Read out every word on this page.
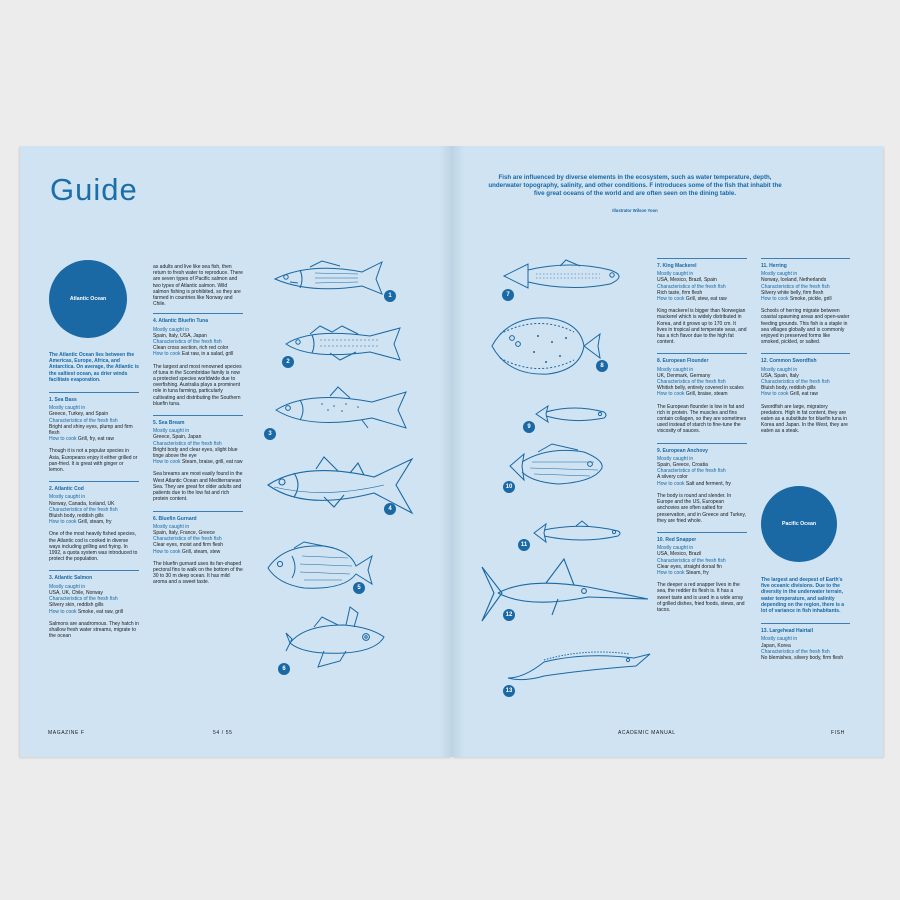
Guide
Atlantic Ocean
The Atlantic Ocean lies between the Americas, Europe, Africa, and Antarctica. On average, the Atlantic is the saltiest ocean, as drier winds facilitate evaporation.
1. Sea Bass
Mostly caught in
Greece, Turkey, and Spain
Characteristics of the fresh fish
Bright and shiny eyes, plump and firm flesh
How to cook Grill, fry, eat raw
Though it is not a popular species in Asia, Europeans enjoy it either grilled or pan-fried. It is great with ginger or lemon.
2. Atlantic Cod
Mostly caught in
Norway, Canada, Iceland, UK
Characteristics of the fresh fish
Bluish body, reddish gills
How to cook Grill, steam, fry
One of the most heavily fished species, the Atlantic cod is cooked in diverse ways including grilling and frying. In 1992, a quota system was introduced to protect the population.
3. Atlantic Salmon
Mostly caught in
USA, UK, Chile, Norway
Characteristics of the fresh fish
Silvery skin, reddish gills
How to cook Smoke, eat raw, grill
Salmons are anadromous. They hatch in shallow fresh water streams, migrate to the ocean
as adults and live like sea fish, then return to fresh water to reproduce. There are seven types of Pacific salmon and two types of Atlantic salmon. Wild salmon fishing is prohibited, so they are farmed in countries like Norway and Chile.
4. Atlantic Bluefin Tuna
Mostly caught in
Spain, Italy, USA, Japan
Characteristics of the fresh fish
Clean cross section, rich red color
How to cook Eat raw, in a salad, grill
The largest and most renowned species of tuna in the Scombridae family is now a protected species worldwide due to overfishing. Australia plays a prominent role in tuna farming, particularly cultivating and distributing the Southern bluefin tuna.
5. Sea Bream
Mostly caught in
Greece, Spain, Japan
Characteristics of the fresh fish
Bright body and clear eyes, slight blue tinge above the eye
How to cook Steam, braise, grill, eat raw
Sea breams are most easily found in the West Atlantic Ocean and Mediterranean Sea. They are great for older adults and patients due to the low fat and rich protein content.
6. Bluefin Gurnard
Mostly caught in
Spain, Italy, France, Greece
Characteristics of the fresh fish
Clear eyes, moist and firm flesh
How to cook Grill, steam, stew
The bluefin gurnard uses its fan-shaped pectoral fins to walk on the bottom of the 30 to 30 m deep ocean. It has mild aroma and a sweet taste.
MAGAZINE F	54 / 55
1
2
3
4
5
6
Fish are influenced by diverse elements in the ecosystem, such as water temperature, depth, underwater topography, salinity, and other conditions. F introduces some of the fish that inhabit the five great oceans of the world and are often seen on the dining table.
Illustrator Wilson Yoon
7. King Mackerel
Mostly caught in
USA, Mexico, Brazil, Spain
Characteristics of the fresh fish
Rich taste, firm flesh
How to cook Grill, stew, eat raw
King mackerel is bigger than Norwegian mackerel which is widely distributed in Korea, and it grows up to 170 cm. It lives in tropical and temperate seas, and has a rich flavor due to the high fat content.
8. European Flounder
Mostly caught in
UK, Denmark, Germany
Characteristics of the fresh fish
Whitish belly, entirely covered in scales
How to cook Grill, braise, steam
The European flounder is low in fat and rich in protein. The muscles and fins contain collagen, so they are sometimes used instead of starch to fine-tune the viscosity of sauces.
9. European Anchovy
Mostly caught in
Spain, Greece, Croatia
Characteristics of the fresh fish
A silvery color
How to cook Salt and ferment, fry
The body is round and slender. In Europe and the US, European anchovies are often salted for preservation, and in Greece and Turkey, they are fried whole.
10. Red Snapper
Mostly caught in
USA, Mexico, Brazil
Characteristics of the fresh fish
Clear eyes, straight dorsal fin
How to cook Steam, fry
The deeper a red snapper lives in the sea, the redder its flesh is. It has a sweet taste and is used in a wide array of grilled dishes, fried foods, stews, and tacos.
11. Herring
Mostly caught in
Norway, Iceland, Netherlands
Characteristics of the fresh fish
Silvery white belly, firm flesh
How to cook Smoke, pickle, grill
Schools of herring migrate between coastal spawning areas and open-water feeding grounds. This fish is a staple in sea villages globally and is commonly enjoyed in preserved forms like smoked, pickled, or salted.
12. Common Swordfish
Mostly caught in
USA, Spain, Italy
Characteristics of the fresh fish
Bluish body, reddish gills
How to cook Grill, eat raw
Swordfish are large, migratory predators. High in fat content, they are eaten as a substitute for bluefin tuna in Korea and Japan. In the West, they are eaten as a steak.
Pacific Ocean
The largest and deepest of Earth's five oceanic divisions. Due to the diversity in the underwater terrain, water temperature, and salinity depending on the region, there is a lot of variance in fish inhabitants.
13. Largehead Hairtail
Mostly caught in
Japan, Korea
Characteristics of the fresh fish
No blemishes, silvery body, firm flesh
ACADEMIC MANUAL	FISH
7
8
9
10
11
12
13
